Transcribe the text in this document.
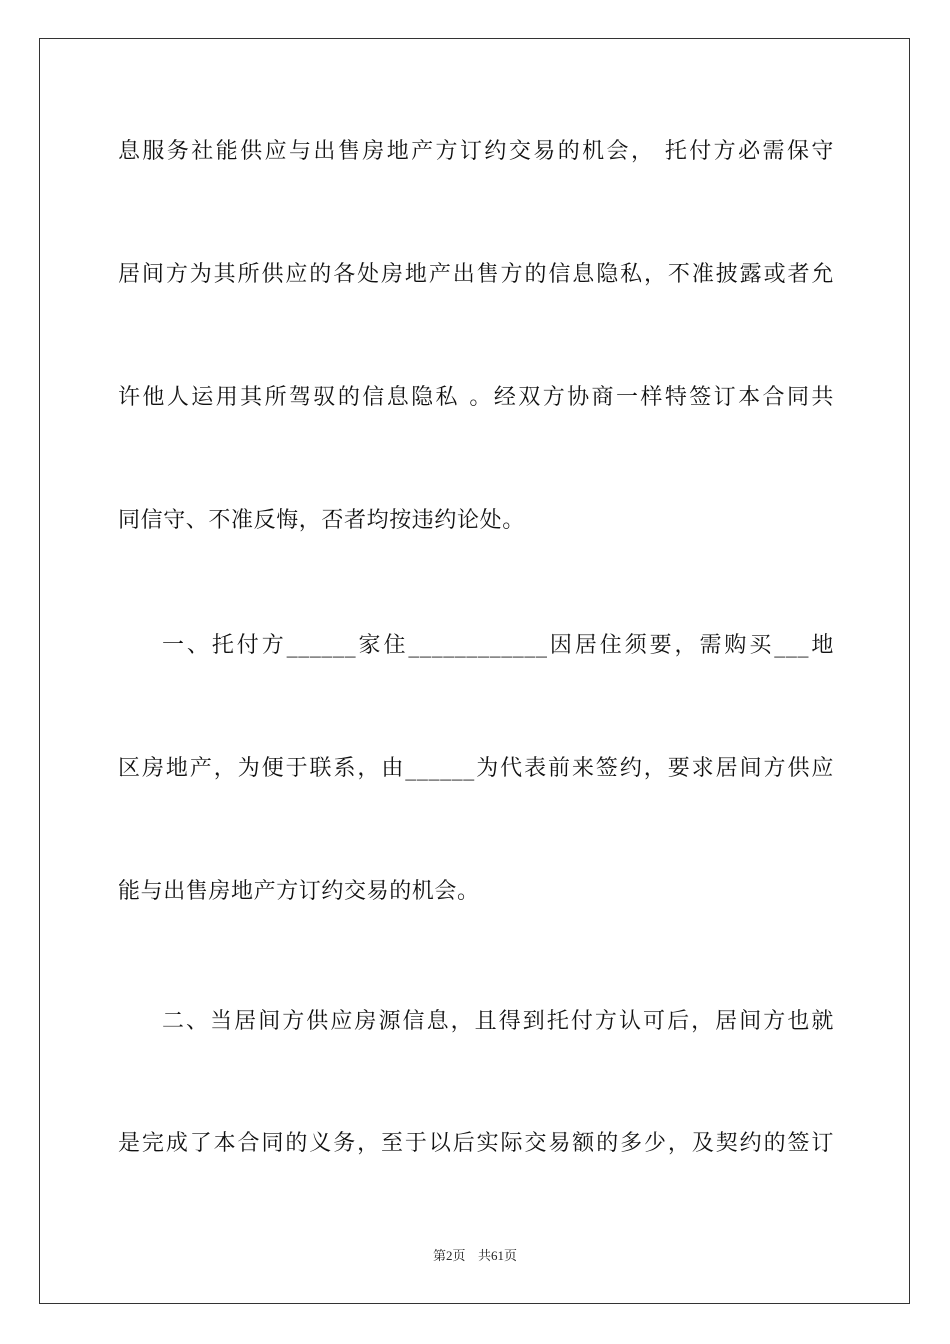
息服务社能供应与出售房地产方订约交易的机会， 托付方必需保守
居间方为其所供应的各处房地产出售方的信息隐私，不准披露或者允
许他人运用其所驾驭的信息隐私 。经双方协商一样特签订本合同共
同信守、不准反悔，否者均按违约论处。
一、托付方______家住____________因居住须要，需购买___地
区房地产，为便于联系，由______为代表前来签约，要求居间方供应
能与出售房地产方订约交易的机会。
二、当居间方供应房源信息，且得到托付方认可后，居间方也就
是完成了本合同的义务，至于以后实际交易额的多少，及契约的签订
第2页 共61页
